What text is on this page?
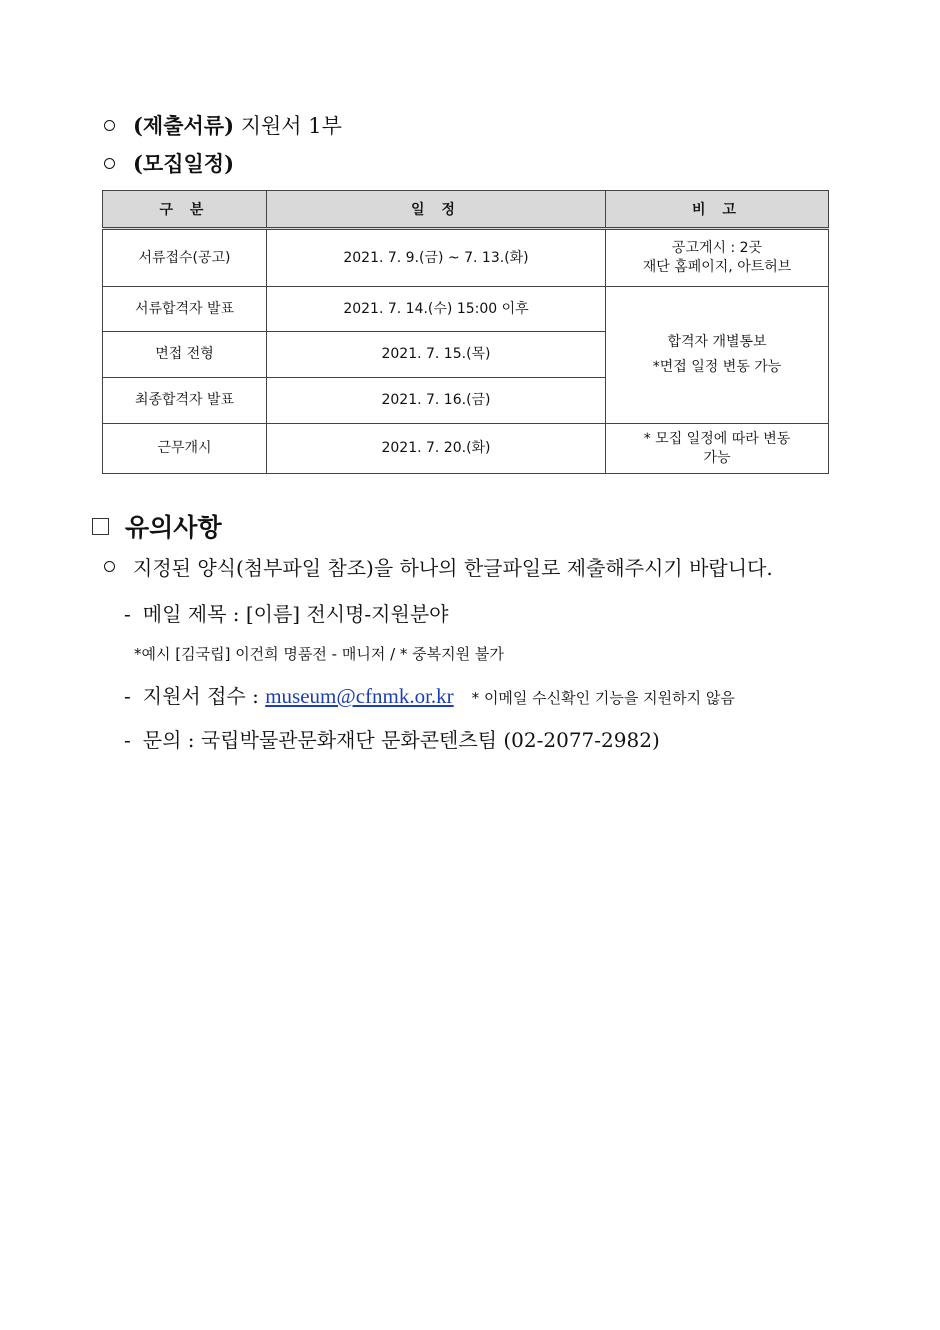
(제출서류) 지원서 1부
(모집일정)
구 분	일 정	비 고
서류접수(공고)	2021. 7. 9.(금) ~ 7. 13.(화)	공고게시 : 2곳
재단 홈페이지, 아트허브

서류합격자 발표	2021. 7. 14.(수) 15:00 이후	합격자 개별통보
*면접 일정 변동 가능

면접 전형	2021. 7. 15.(목)	
최종합격자 발표	2021. 7. 16.(금)	
근무개시	2021. 7. 20.(화)	* 모집 일정에 따라 변동
가능
유의사항
지정된 양식(첨부파일 참조)을 하나의 한글파일로 제출해주시기 바랍니다.
- 메일 제목 : [이름] 전시명-지원분야
*예시 [김국립] 이건희 명품전 - 매니저 / * 중복지원 불가
- 지원서 접수 : museum@cfnmk.or.kr * 이메일 수신확인 기능을 지원하지 않음
- 문의 : 국립박물관문화재단 문화콘텐츠팀 (02-2077-2982)
